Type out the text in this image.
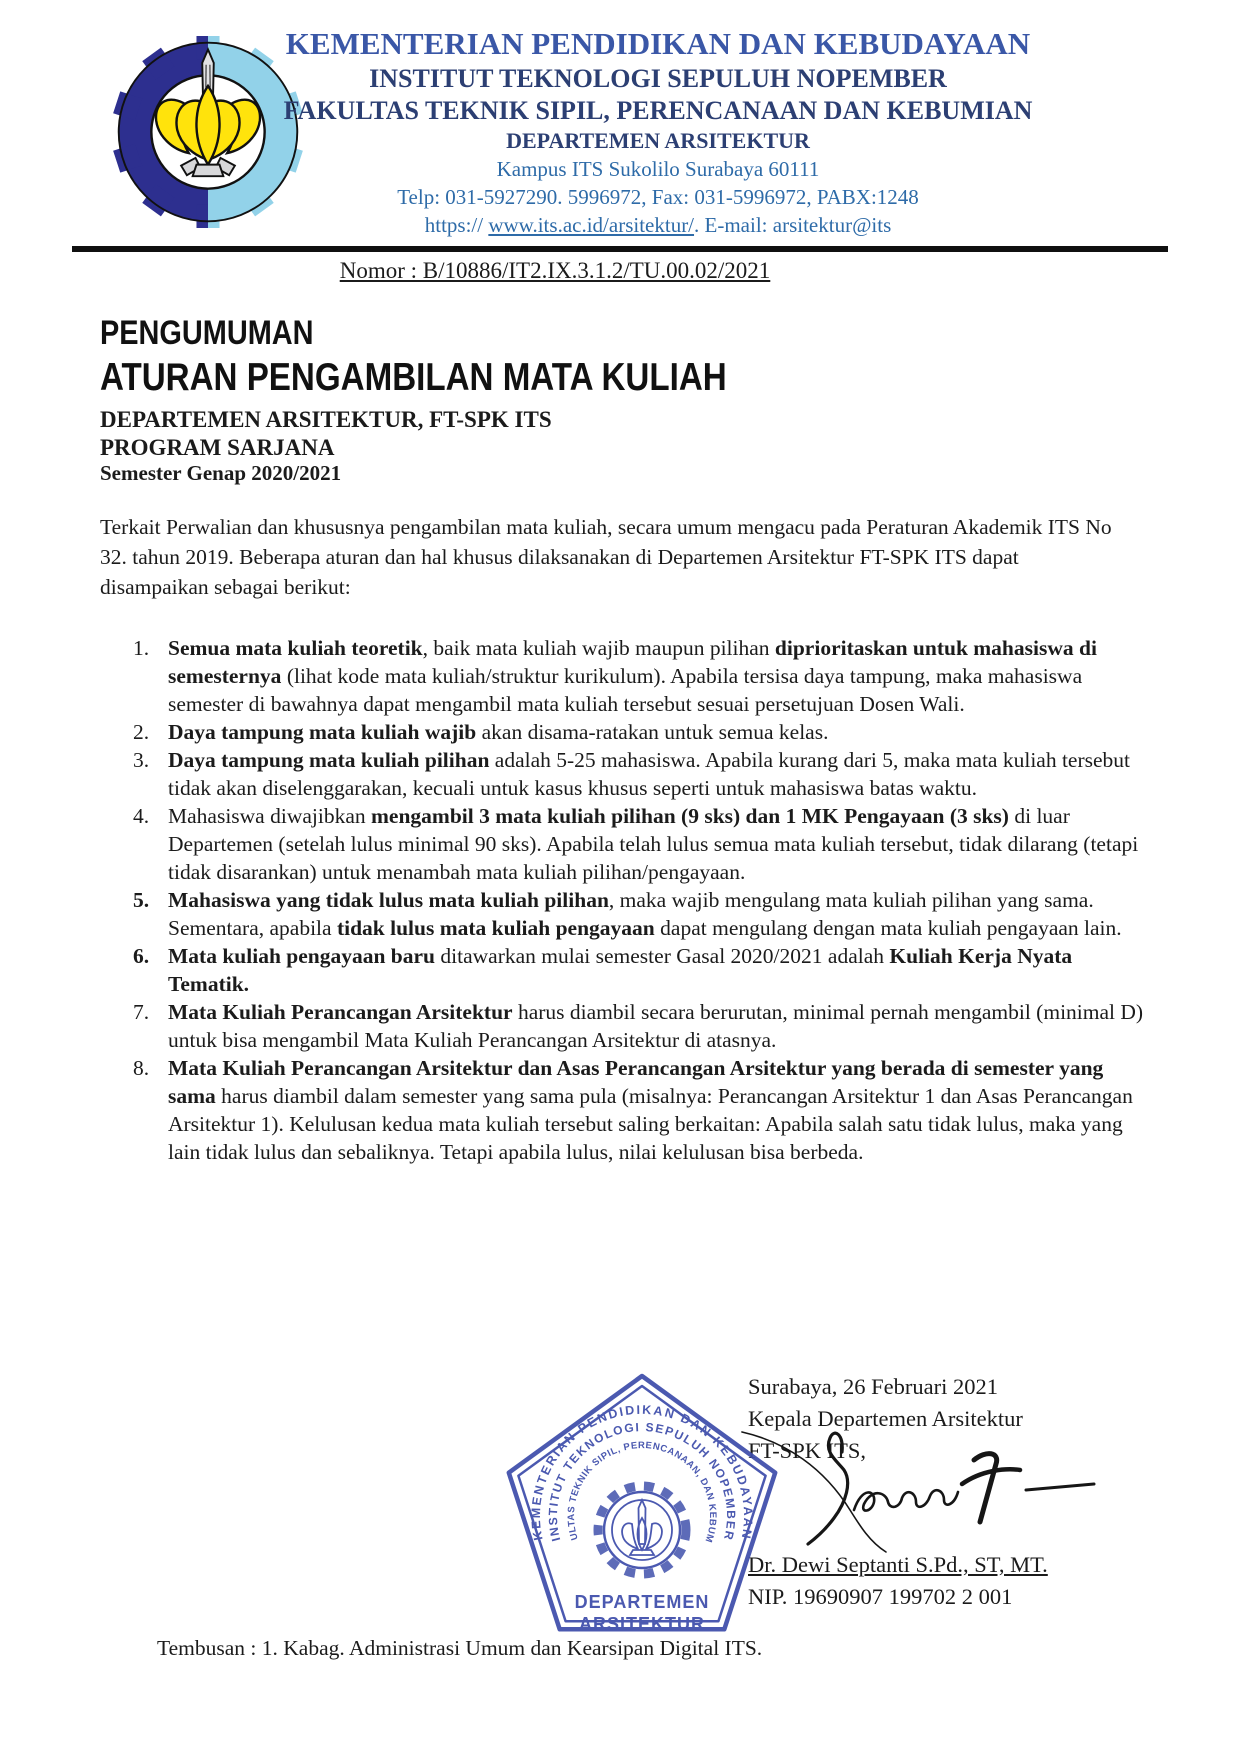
KEMENTERIAN PENDIDIKAN DAN KEBUDAYAAN
INSTITUT TEKNOLOGI SEPULUH NOPEMBER
FAKULTAS TEKNIK SIPIL, PERENCANAAN DAN KEBUMIAN
DEPARTEMEN ARSITEKTUR
Kampus ITS Sukolilo Surabaya 60111
Telp: 031-5927290. 5996972, Fax: 031-5996972, PABX:1248
https:// www.its.ac.id/arsitektur/. E-mail: arsitektur@its
Nomor : B/10886/IT2.IX.3.1.2/TU.00.02/2021
PENGUMUMAN
ATURAN PENGAMBILAN MATA KULIAH
DEPARTEMEN ARSITEKTUR, FT-SPK ITS
PROGRAM SARJANA
Semester Genap 2020/2021
Terkait Perwalian dan khususnya pengambilan mata kuliah, secara umum mengacu pada Peraturan Akademik ITS No 32. tahun 2019. Beberapa aturan dan hal khusus dilaksanakan di Departemen Arsitektur FT-SPK ITS dapat disampaikan sebagai berikut:
1. Semua mata kuliah teoretik, baik mata kuliah wajib maupun pilihan diprioritaskan untuk mahasiswa di semesternya (lihat kode mata kuliah/struktur kurikulum). Apabila tersisa daya tampung, maka mahasiswa semester di bawahnya dapat mengambil mata kuliah tersebut sesuai persetujuan Dosen Wali.
2. Daya tampung mata kuliah wajib akan disama-ratakan untuk semua kelas.
3. Daya tampung mata kuliah pilihan adalah 5-25 mahasiswa. Apabila kurang dari 5, maka mata kuliah tersebut tidak akan diselenggarakan, kecuali untuk kasus khusus seperti untuk mahasiswa batas waktu.
4. Mahasiswa diwajibkan mengambil 3 mata kuliah pilihan (9 sks) dan 1 MK Pengayaan (3 sks) di luar Departemen (setelah lulus minimal 90 sks). Apabila telah lulus semua mata kuliah tersebut, tidak dilarang (tetapi tidak disarankan) untuk menambah mata kuliah pilihan/pengayaan.
5. Mahasiswa yang tidak lulus mata kuliah pilihan, maka wajib mengulang mata kuliah pilihan yang sama. Sementara, apabila tidak lulus mata kuliah pengayaan dapat mengulang dengan mata kuliah pengayaan lain.
6. Mata kuliah pengayaan baru ditawarkan mulai semester Gasal 2020/2021 adalah Kuliah Kerja Nyata Tematik.
7. Mata Kuliah Perancangan Arsitektur harus diambil secara berurutan, minimal pernah mengambil (minimal D) untuk bisa mengambil Mata Kuliah Perancangan Arsitektur di atasnya.
8. Mata Kuliah Perancangan Arsitektur dan Asas Perancangan Arsitektur yang berada di semester yang sama harus diambil dalam semester yang sama pula (misalnya: Perancangan Arsitektur 1 dan Asas Perancangan Arsitektur 1). Kelulusan kedua mata kuliah tersebut saling berkaitan: Apabila salah satu tidak lulus, maka yang lain tidak lulus dan sebaliknya. Tetapi apabila lulus, nilai kelulusan bisa berbeda.
Surabaya, 26 Februari 2021
Kepala Departemen Arsitektur
FT-SPK ITS,
Dr. Dewi Septanti S.Pd., ST, MT.
NIP. 19690907 199702 2 001
KEMENTERIAN PENDIDIKAN DAN KEBUDAYAAN
INSTITUT TEKNOLOGI SEPULUH NOPEMBER
FAKULTAS TEKNIK SIPIL, PERENCANAAN, DAN KEBUMIAN
DEPARTEMEN
ARSITEKTUR
Tembusan : 1. Kabag. Administrasi Umum dan Kearsipan Digital ITS.
